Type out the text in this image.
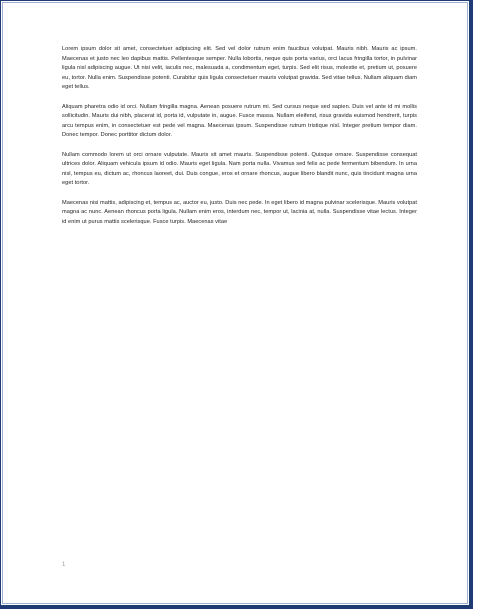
Lorem ipsum dolor sit amet, consectetuer adipiscing elit. Sed vel dolor rutrum enim faucibus volutpat. Mauris nibh. Mauris ac ipsum. Maecenas et justo nec leo dapibus mattis. Pellentesque semper. Nulla lobortis, neque quis porta varius, orci lacus fringilla tortor, in pulvinar ligula nisl adipiscing augue. Ut nisi velit, iaculis nec, malesuada a, condimentum eget, turpis. Sed elit risus, molestie et, pretium ut, posuere eu, tortor. Nulla enim. Suspendisse potenti. Curabitur quis ligula consectetuer mauris volutpat gravida. Sed vitae tellus. Nullam aliquam diam eget tellus.

Aliquam pharetra odio id orci. Nullam fringilla magna. Aenean posuere rutrum mi. Sed cursus neque sed sapien. Duis vel ante id mi mollis sollicitudin. Mauris dui nibh, placerat id, porta id, vulputate in, augue. Fusce massa. Nullam eleifend, risus gravida euismod hendrerit, turpis arcu tempus enim, in consectetuer est pede vel magna. Maecenas ipsum. Suspendisse rutrum tristique nisl. Integer pretium tempor diam. Donec tempor. Donec porttitor dictum dolor.

Nullam commodo lorem ut orci ornare vulputate. Mauris sit amet mauris. Suspendisse potenti. Quisque ornare. Suspendisse consequat ultrices dolor. Aliquam vehicula ipsum id odio. Mauris eget ligula. Nam porta nulla. Vivamus sed felis ac pede fermentum bibendum. In urna nisl, tempus eu, dictum ac, rhoncus laoreet, dui. Duis congue, eros et ornare rhoncus, augue libero blandit nunc, quis tincidunt magna urna eget tortor.

Maecenas nisi mattis, adipiscing et, tempus ac, auctor eu, justo. Duis nec pede. In eget libero id magna pulvinar scelerisque. Mauris volutpat magna ac nunc. Aenean rhoncus porta ligula. Nullam enim eros, interdum nec, tempor ut, lacinia at, nulla. Suspendisse vitae lectus. Integer id enim ut purus mattis scelerisque. Fusce turpis. Maecenas vitae

1
